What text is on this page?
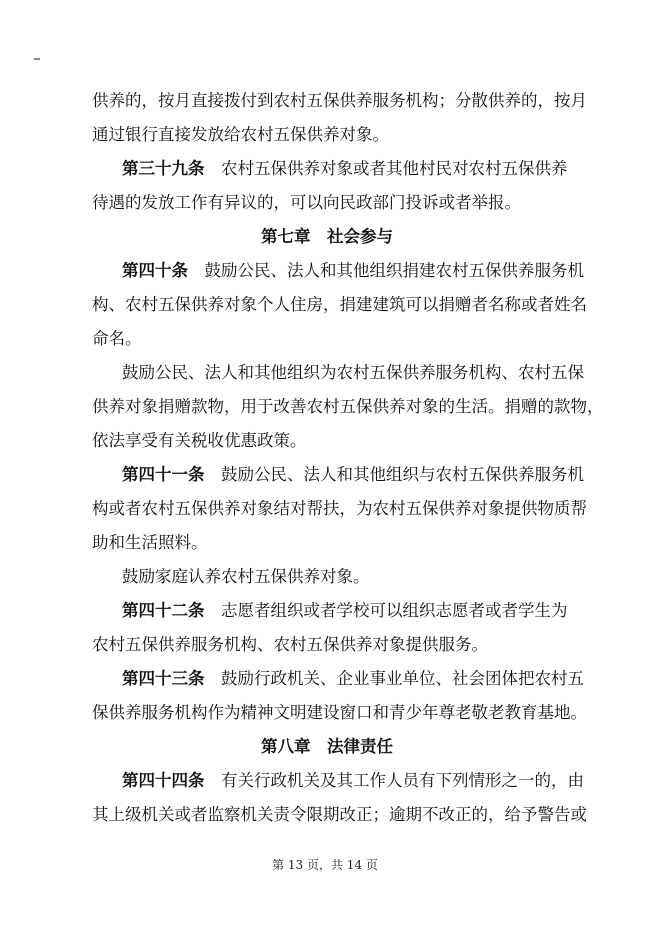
供养的，按月直接拨付到农村五保供养服务机构；分散供养的，按月
通过银行直接发放给农村五保供养对象。
第三十九条　农村五保供养对象或者其他村民对农村五保供养
待遇的发放工作有异议的，可以向民政部门投诉或者举报。
第七章　社会参与
第四十条　鼓励公民、法人和其他组织捐建农村五保供养服务机
构、农村五保供养对象个人住房，捐建建筑可以捐赠者名称或者姓名
命名。
鼓励公民、法人和其他组织为农村五保供养服务机构、农村五保
供养对象捐赠款物，用于改善农村五保供养对象的生活。捐赠的款物，
依法享受有关税收优惠政策。
第四十一条　鼓励公民、法人和其他组织与农村五保供养服务机
构或者农村五保供养对象结对帮扶，为农村五保供养对象提供物质帮
助和生活照料。
鼓励家庭认养农村五保供养对象。
第四十二条　志愿者组织或者学校可以组织志愿者或者学生为
农村五保供养服务机构、农村五保供养对象提供服务。
第四十三条　鼓励行政机关、企业事业单位、社会团体把农村五
保供养服务机构作为精神文明建设窗口和青少年尊老敬老教育基地。
第八章　法律责任
第四十四条　有关行政机关及其工作人员有下列情形之一的，由
其上级机关或者监察机关责令限期改正；逾期不改正的，给予警告或
第 13 页，共 14 页
